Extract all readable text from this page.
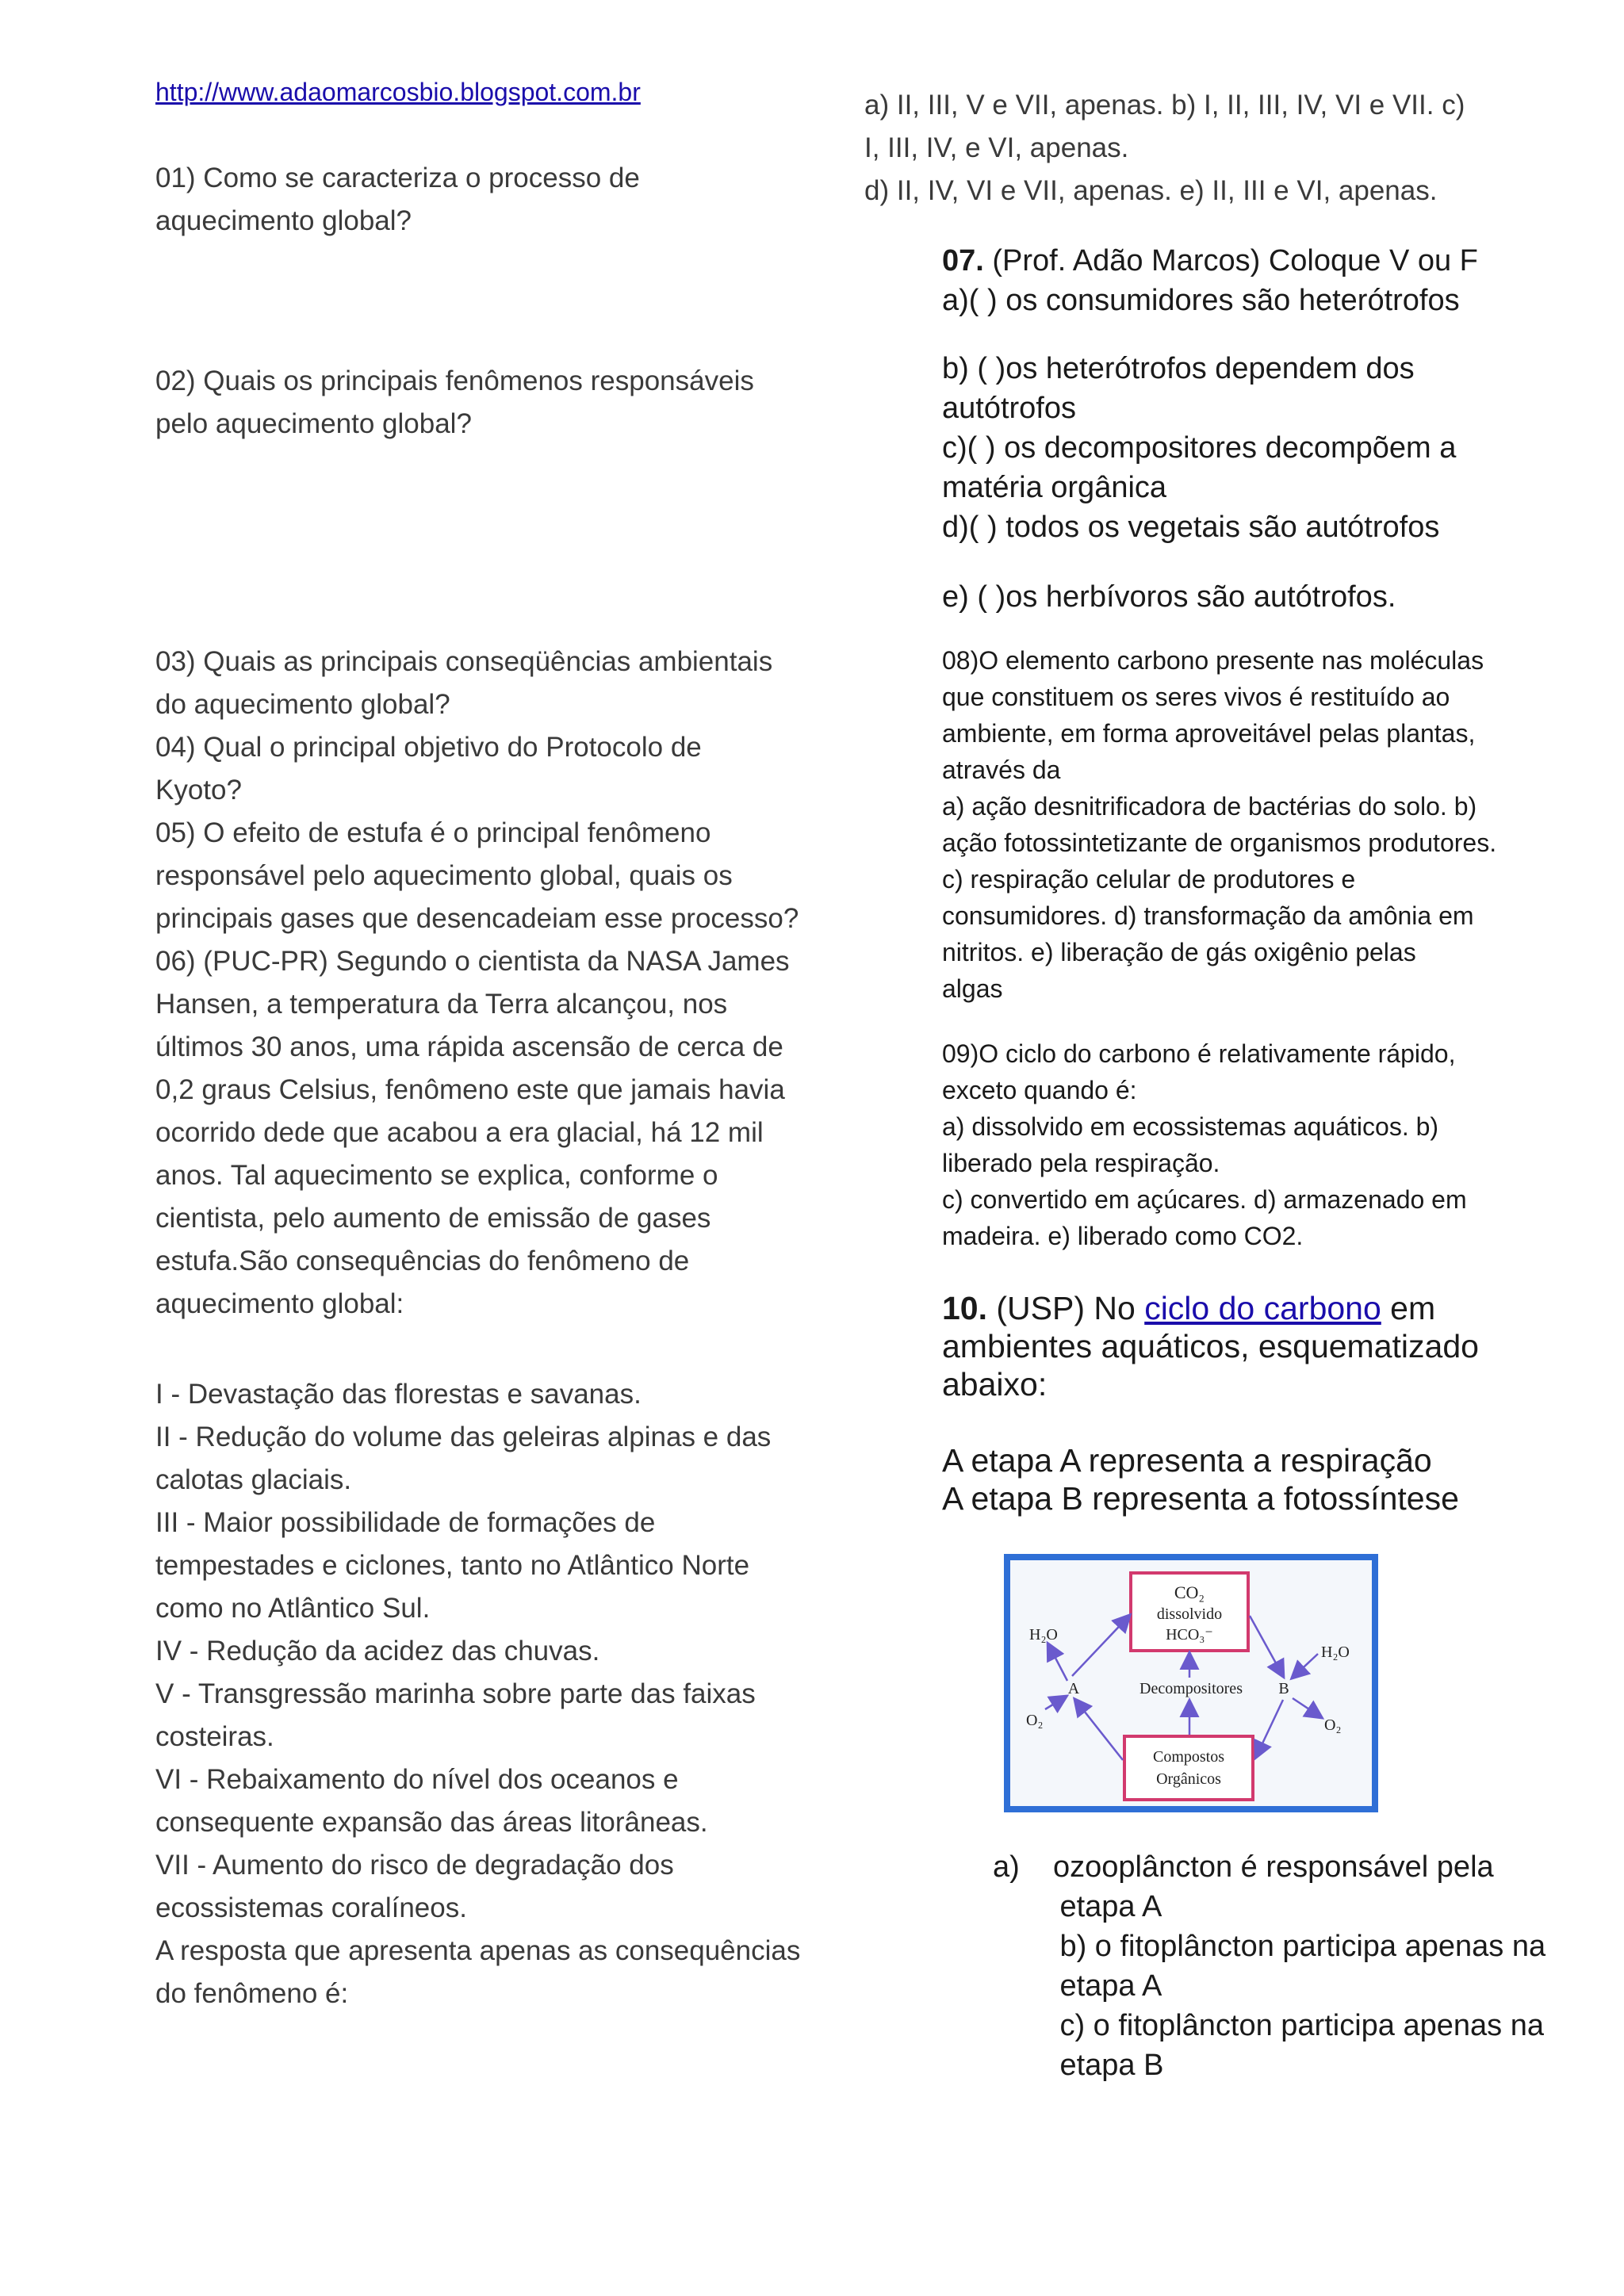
http://www.adaomarcosbio.blogspot.com.br
01) Como se caracteriza o processo de
aquecimento global?
02) Quais os principais fenômenos responsáveis
pelo aquecimento global?
03) Quais as principais conseqüências ambientais
do aquecimento global?
04) Qual o principal objetivo do Protocolo de
Kyoto?
05) O efeito de estufa é o principal fenômeno
responsável pelo aquecimento global, quais os
principais gases que desencadeiam esse processo?
06) (PUC-PR) Segundo o cientista da NASA James
Hansen, a temperatura da Terra alcançou, nos
últimos 30 anos, uma rápida ascensão de cerca de
0,2 graus Celsius, fenômeno este que jamais havia
ocorrido dede que acabou a era glacial, há 12 mil
anos. Tal aquecimento se explica, conforme o
cientista, pelo aumento de emissão de gases
estufa.São consequências do fenômeno de
aquecimento global:
I - Devastação das florestas e savanas.
II - Redução do volume das geleiras alpinas e das
calotas glaciais.
III - Maior possibilidade de formações de
tempestades e ciclones, tanto no Atlântico Norte
como no Atlântico Sul.
IV - Redução da acidez das chuvas.
V - Transgressão marinha sobre parte das faixas
costeiras.
VI - Rebaixamento do nível dos oceanos e
consequente expansão das áreas litorâneas.
VII - Aumento do risco de degradação dos
ecossistemas coralíneos.
A resposta que apresenta apenas as consequências
do fenômeno é:
a) II, III, V e VII, apenas. b) I, II, III, IV, VI e VII. c)
I, III, IV, e VI, apenas.
d) II, IV, VI e VII, apenas. e) II, III e VI, apenas.
07. (Prof. Adão Marcos) Coloque V ou F
a)( ) os consumidores são heterótrofos
b) ( )os heterótrofos dependem dos
autótrofos
c)( ) os decompositores decompõem a
matéria orgânica
d)( ) todos os vegetais são autótrofos
e) ( )os herbívoros são autótrofos.
08)O elemento carbono presente nas moléculas
que constituem os seres vivos é restituído ao
ambiente, em forma aproveitável pelas plantas,
através da
a) ação desnitrificadora de bactérias do solo. b)
ação fotossintetizante de organismos produtores.
c) respiração celular de produtores e
consumidores. d) transformação da amônia em
nitritos. e) liberação de gás oxigênio pelas
algas
09)O ciclo do carbono é relativamente rápido,
exceto quando é:
a) dissolvido em ecossistemas aquáticos. b)
liberado pela respiração.
c) convertido em açúcares. d) armazenado em
madeira. e) liberado como CO2.
10. (USP) No ciclo do carbono em
ambientes aquáticos, esquematizado
abaixo:
A etapa A representa a respiração
A etapa B representa a fotossíntese
CO₂
dissolvido
HCO₃⁻
Compostos
Orgânicos
Decompositores
A	B
H₂O
O₂
H₂O
O₂
a)    ozooplâncton é responsável pela
etapa A
b) o fitoplâncton participa apenas na
etapa A
c) o fitoplâncton participa apenas na
etapa B
